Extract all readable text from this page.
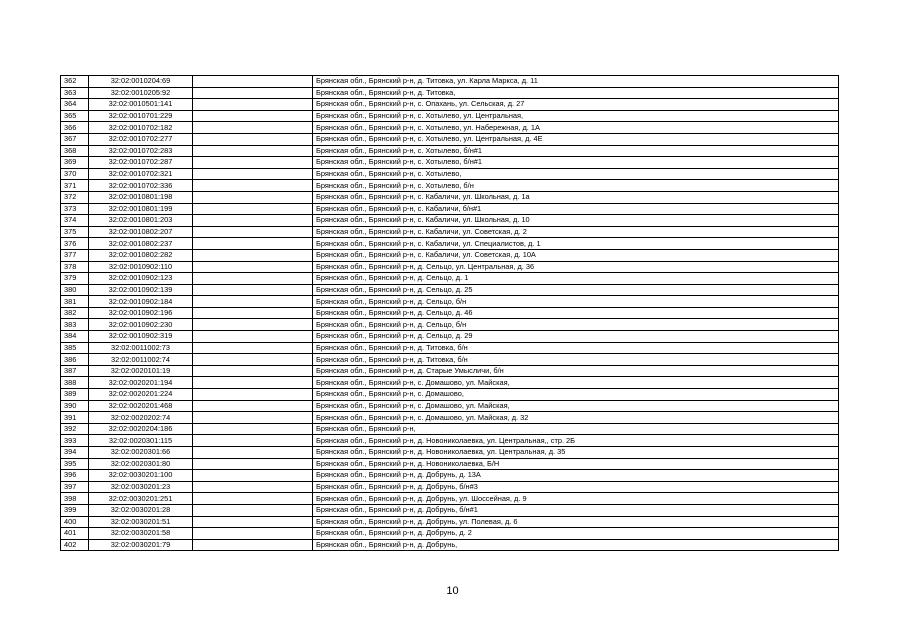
362	32:02:0010204:69		Брянская обл., Брянский р-н, д. Титовка, ул. Карла Маркса, д. 11
363	32:02:0010205:92		Брянская обл., Брянский р-н, д. Титовка,
364	32:02:0010501:141		Брянская обл., Брянский р-н, с. Опахань, ул. Сельская, д. 27
365	32:02:0010701:229		Брянская обл., Брянский р-н, с. Хотылево, ул. Центральная,
366	32:02:0010702:182		Брянская обл., Брянский р-н, с. Хотылево, ул. Набережная, д. 1А
367	32:02:0010702:277		Брянская обл., Брянский р-н, с. Хотылево, ул. Центральная, д. 4Е
368	32:02:0010702:283		Брянская обл., Брянский р-н, с. Хотылево, б/н#1
369	32:02:0010702:287		Брянская обл., Брянский р-н, с. Хотылево, б/н#1
370	32:02:0010702:321		Брянская обл., Брянский р-н, с. Хотылево,
371	32:02:0010702:336		Брянская обл., Брянский р-н, с. Хотылево, б/н
372	32:02:0010801:198		Брянская обл., Брянский р-н, с. Кабаличи, ул. Школьная, д. 1а
373	32:02:0010801:199		Брянская обл., Брянский р-н, с. Кабаличи, б/н#1
374	32:02:0010801:203		Брянская обл., Брянский р-н, с. Кабаличи, ул. Школьная, д. 10
375	32:02:0010802:207		Брянская обл., Брянский р-н, с. Кабаличи, ул. Советская, д. 2
376	32:02:0010802:237		Брянская обл., Брянский р-н, с. Кабаличи, ул. Специалистов, д. 1
377	32:02:0010802:282		Брянская обл., Брянский р-н, с. Кабаличи, ул. Советская, д. 10А
378	32:02:0010902:110		Брянская обл., Брянский р-н, д. Сельцо, ул. Центральная, д. 36
379	32:02:0010902:123		Брянская обл., Брянский р-н, д. Сельцо, д. 1
380	32:02:0010902:139		Брянская обл., Брянский р-н, д. Сельцо, д. 25
381	32:02:0010902:184		Брянская обл., Брянский р-н, д. Сельцо, б/н
382	32:02:0010902:196		Брянская обл., Брянский р-н, д. Сельцо, д. 46
383	32:02:0010902:230		Брянская обл., Брянский р-н, д. Сельцо, б/н
384	32:02:0010902:319		Брянская обл., Брянский р-н, д. Сельцо, д. 29
385	32:02:0011002:73		Брянская обл., Брянский р-н, д. Титовка, б/н
386	32:02:0011002:74		Брянская обл., Брянский р-н, д. Титовка, б/н
387	32:02:0020101:19		Брянская обл., Брянский р-н, д. Старые Умысличи, б/н
388	32:02:0020201:194		Брянская обл., Брянский р-н, с. Домашово, ул. Майская,
389	32:02:0020201:224		Брянская обл., Брянский р-н, с. Домашово,
390	32:02:0020201:468		Брянская обл., Брянский р-н, с. Домашово, ул. Майская,
391	32:02:0020202:74		Брянская обл., Брянский р-н, с. Домашово, ул. Майская, д. 32
392	32:02:0020204:186		Брянская обл., Брянский р-н,
393	32:02:0020301:115		Брянская обл., Брянский р-н, д. Новониколаевка, ул. Центральная,, стр. 2Б
394	32:02:0020301:66		Брянская обл., Брянский р-н, д. Новониколаевка, ул. Центральная, д. 35
395	32:02:0020301:80		Брянская обл., Брянский р-н, д. Новониколаевка, Б/Н
396	32:02:0030201:100		Брянская обл., Брянский р-н, д. Добрунь, д. 13А
397	32:02:0030201:23		Брянская обл., Брянский р-н, д. Добрунь, б/н#3
398	32:02:0030201:251		Брянская обл., Брянский р-н, д. Добрунь, ул. Шоссейная, д. 9
399	32:02:0030201:28		Брянская обл., Брянский р-н, д. Добрунь, б/н#1
400	32:02:0030201:51		Брянская обл., Брянский р-н, д. Добрунь, ул. Полевая, д. 6
401	32:02:0030201:58		Брянская обл., Брянский р-н, д. Добрунь, д. 2
402	32:02:0030201:79		Брянская обл., Брянский р-н, д. Добрунь,
10
